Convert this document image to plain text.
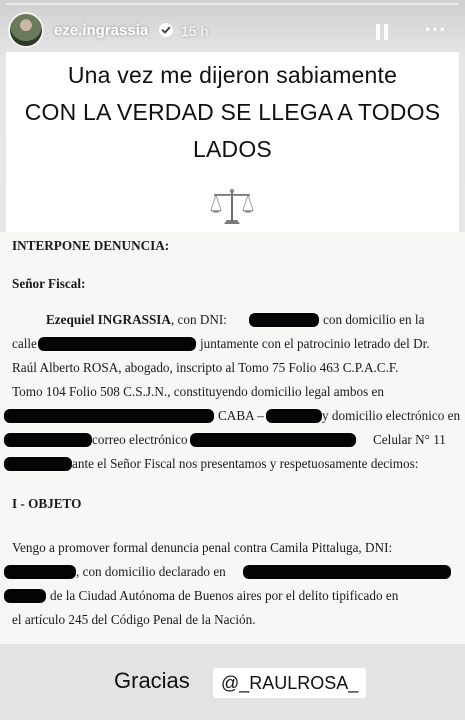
eze.ingrassia 15 h	⋯
Una vez me dijeron sabiamente
CON LA VERDAD SE LLEGA A TODOS
LADOS
INTERPONE DENUNCIA:
Señor Fiscal:
Ezequiel INGRASSIA, con DNI:	con domicilio en la
calle	juntamente con el patrocinio letrado del Dr.
Raúl Alberto ROSA, abogado, inscripto al Tomo 75 Folio 463 C.P.A.C.F.
Tomo 104 Folio 508 C.S.J.N., constituyendo domicilio legal ambos en
CABA –	y domicilio electrónico en
correo electrónico	Celular N° 11
ante el Señor Fiscal nos presentamos y respetuosamente decimos:
I - OBJETO
Vengo a promover formal denuncia penal contra Camila Pittaluga, DNI:
, con domicilio declarado en
de la Ciudad Autónoma de Buenos aires por el delito tipificado en
el artículo 245 del Código Penal de la Nación.
Gracias	@_RAULROSA_
